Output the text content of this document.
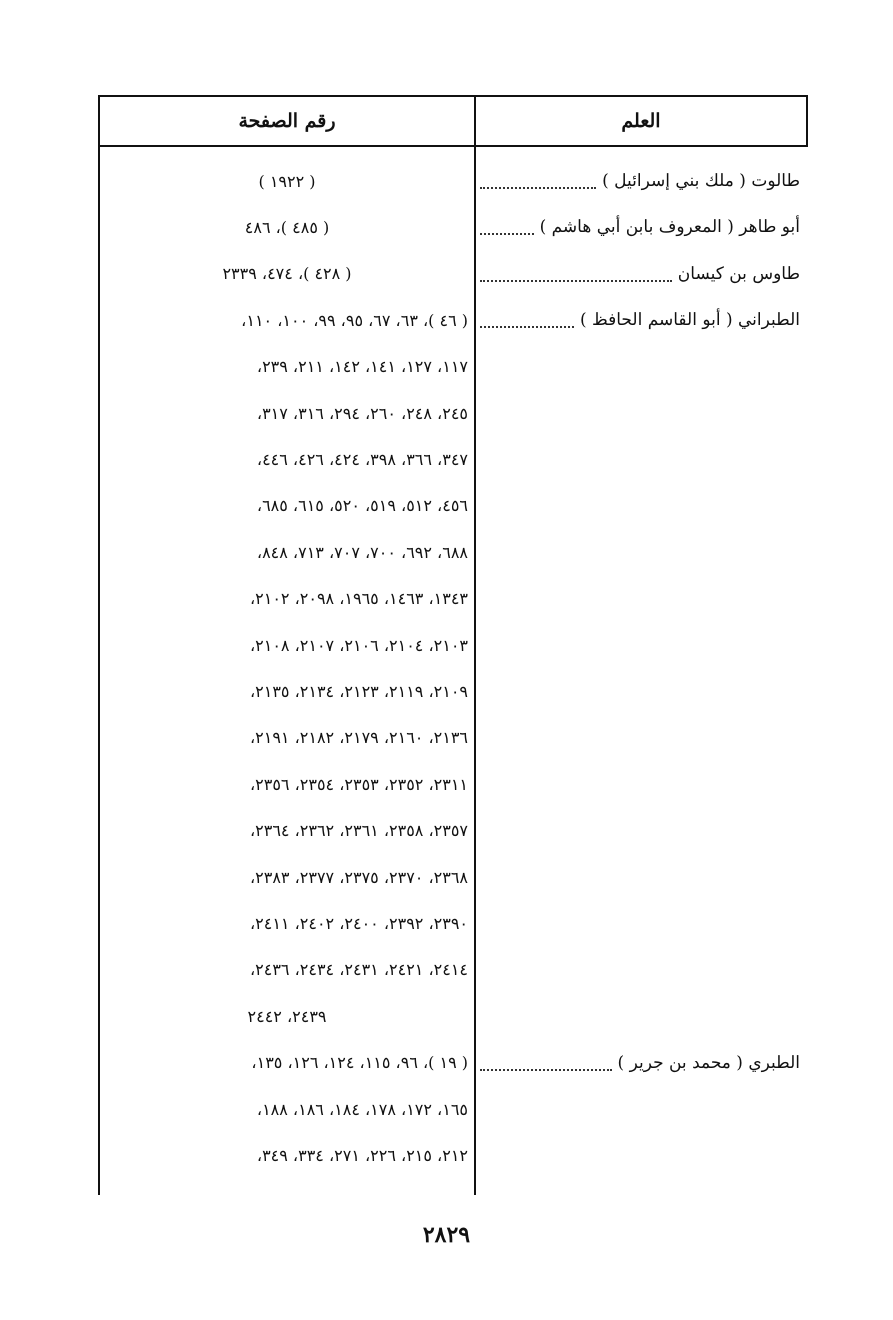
رقم الصفحة	العلم
طالوت ( ملك بني إسرائيل )
( ١٩٢٢ )
أبو طاهر ( المعروف بابن أبي هاشم )
( ٤٨٥ )، ٤٨٦
طاوس بن كيسان
( ٤٢٨ )، ٤٧٤، ٢٣٣٩
الطبراني ( أبو القاسم الحافظ )
( ٤٦ )، ٦٣، ٦٧، ٩٥، ٩٩، ١٠٠، ١١٠،
١١٧، ١٢٧، ١٤١، ١٤٢، ٢١١، ٢٣٩،
٢٤٥، ٢٤٨، ٢٦٠، ٢٩٤، ٣١٦، ٣١٧،
٣٤٧، ٣٦٦، ٣٩٨، ٤٢٤، ٤٢٦، ٤٤٦،
٤٥٦، ٥١٢، ٥١٩، ٥٢٠، ٦١٥، ٦٨٥،
٦٨٨، ٦٩٢، ٧٠٠، ٧٠٧، ٧١٣، ٨٤٨،
١٣٤٣، ١٤٦٣، ١٩٦٥، ٢٠٩٨، ٢١٠٢،
٢١٠٣، ٢١٠٤، ٢١٠٦، ٢١٠٧، ٢١٠٨،
٢١٠٩، ٢١١٩، ٢١٢٣، ٢١٣٤، ٢١٣٥،
٢١٣٦، ٢١٦٠، ٢١٧٩، ٢١٨٢، ٢١٩١،
٢٣١١، ٢٣٥٢، ٢٣٥٣، ٢٣٥٤، ٢٣٥٦،
٢٣٥٧، ٢٣٥٨، ٢٣٦١، ٢٣٦٢، ٢٣٦٤،
٢٣٦٨، ٢٣٧٠، ٢٣٧٥، ٢٣٧٧، ٢٣٨٣،
٢٣٩٠، ٢٣٩٢، ٢٤٠٠، ٢٤٠٢، ٢٤١١،
٢٤١٤، ٢٤٢١، ٢٤٣١، ٢٤٣٤، ٢٤٣٦،
٢٤٣٩، ٢٤٤٢
الطبري ( محمد بن جرير )
( ١٩ )، ٩٦، ١١٥، ١٢٤، ١٢٦، ١٣٥،
١٦٥، ١٧٢، ١٧٨، ١٨٤، ١٨٦، ١٨٨،
٢١٢، ٢١٥، ٢٢٦، ٢٧١، ٣٣٤، ٣٤٩،
٢٨٢٩
